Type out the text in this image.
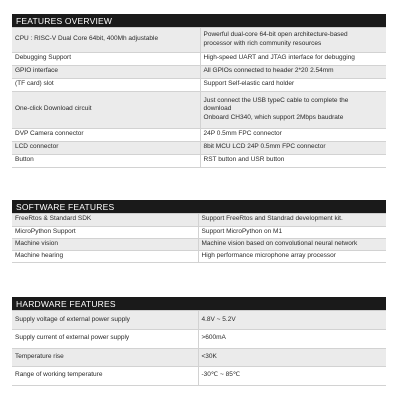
FEATURES OVERVIEW
CPU : RISC-V Dual Core 64bit, 400Mh adjustable	Powerful dual-core 64-bit open architecture-based
processor with rich community resources

Debugging Support	High-speed UART and JTAG interface for debugging

GPIO interface	All GPIOs connected to header 2*20 2.54mm

(TF card) slot	Support Self-elastic card holder

One-click Download circuit	Just connect the USB typeC cable to complete the
download
Onboard CH340, which support 2Mbps baudrate

DVP Camera connector	24P 0.5mm FPC connector

LCD connector	8bit MCU LCD 24P 0.5mm FPC connector

Button	RST button and USR button
SOFTWARE FEATURES
FreeRtos & Standard SDK	Support FreeRtos and Standrad development kit.
MicroPython Support	Support MicroPython on M1
Machine vision	Machine vision based on convolutional neural network
Machine hearing	High performance microphone array processor
HARDWARE FEATURES
Supply voltage of external power supply	4.8V ~ 5.2V
Supply current of external power supply	>600mA
Temperature rise	<30K
Range of working temperature	-30℃ ~ 85℃
